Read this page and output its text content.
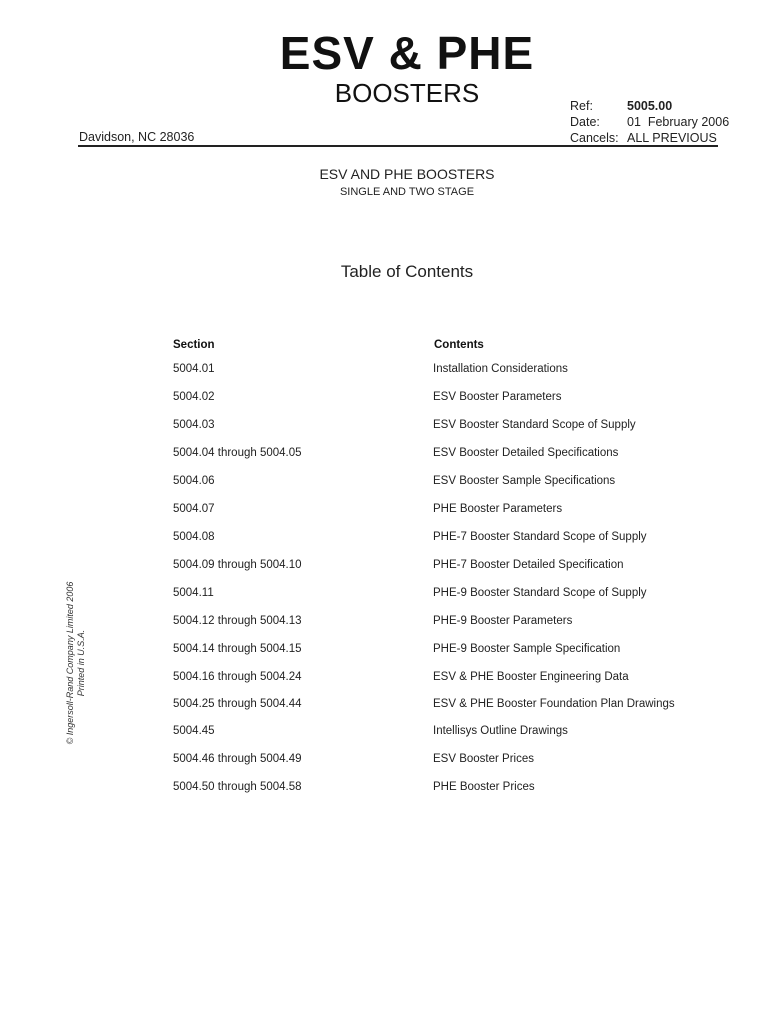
ESV & PHE
BOOSTERS	Ref:	5005.00
Date:	01  February 2006
Cancels: ALL PREVIOUS
Davidson, NC 28036
ESV AND PHE BOOSTERS
SINGLE AND TWO STAGE
Table of Contents
Section	Contents
5004.01	Installation Considerations
5004.02	ESV Booster Parameters
5004.03	ESV Booster Standard Scope of Supply
5004.04 through 5004.05	ESV Booster Detailed Specifications
5004.06	ESV Booster Sample Specifications
5004.07	PHE Booster Parameters
5004.08	PHE-7 Booster Standard Scope of Supply
5004.09 through 5004.10	PHE-7 Booster Detailed Specification
5004.11	PHE-9 Booster Standard Scope of Supply
5004.12 through 5004.13	PHE-9 Booster Parameters
5004.14 through 5004.15	PHE-9 Booster Sample Specification
5004.16 through 5004.24	ESV & PHE Booster Engineering Data
5004.25 through 5004.44	ESV & PHE Booster Foundation Plan Drawings
5004.45	Intellisys Outline Drawings
5004.46 through 5004.49	ESV Booster Prices
5004.50 through 5004.58	PHE Booster Prices
© Ingersoll-Rand Company Limited 2006 Printed in U.S.A.
